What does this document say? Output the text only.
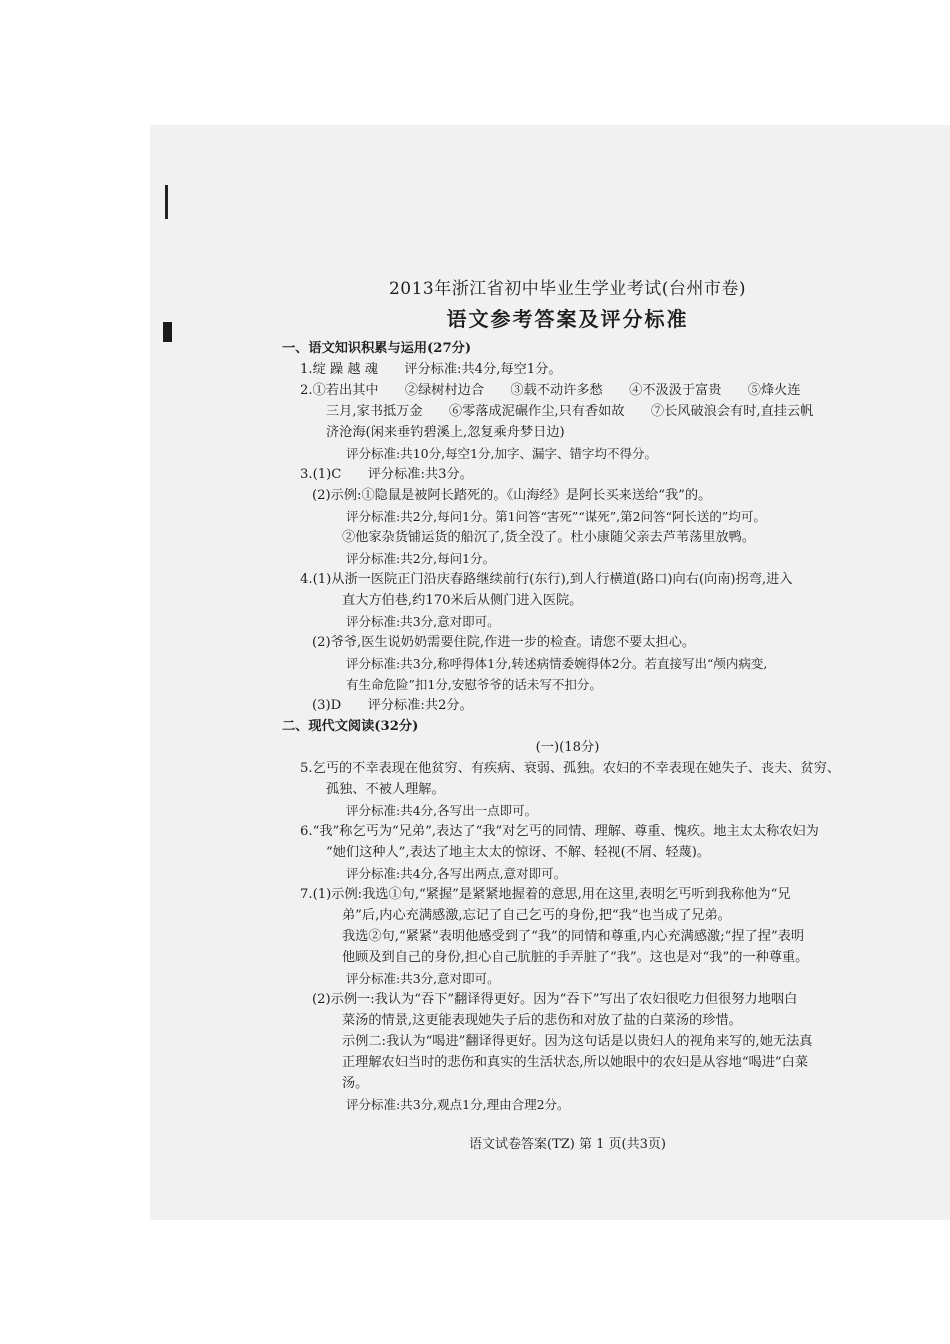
2013年浙江省初中毕业生学业考试(台州市卷)
语文参考答案及评分标准
一、语文知识积累与运用(27分)
1.绽 躁 越 魂　　评分标准:共4分,每空1分。
2.①若出其中　　②绿树村边合　　③载不动许多愁　　④不汲汲于富贵　　⑤烽火连
三月,家书抵万金　　⑥零落成泥碾作尘,只有香如故　　⑦长风破浪会有时,直挂云帆
济沧海(闲来垂钓碧溪上,忽复乘舟梦日边)
评分标准:共10分,每空1分,加字、漏字、错字均不得分。
3.(1)C　　评分标准:共3分。
(2)示例:①隐鼠是被阿长踏死的。《山海经》是阿长买来送给“我”的。
评分标准:共2分,每问1分。第1问答“害死”“谋死”,第2问答“阿长送的”均可。
②他家杂货铺运货的船沉了,货全没了。杜小康随父亲去芦苇荡里放鸭。
评分标准:共2分,每问1分。
4.(1)从浙一医院正门沿庆春路继续前行(东行),到人行横道(路口)向右(向南)拐弯,进入
直大方伯巷,约170米后从侧门进入医院。
评分标准:共3分,意对即可。
(2)爷爷,医生说奶奶需要住院,作进一步的检查。请您不要太担心。
评分标准:共3分,称呼得体1分,转述病情委婉得体2分。若直接写出“颅内病变,
有生命危险”扣1分,安慰爷爷的话未写不扣分。
(3)D　　评分标准:共2分。
二、现代文阅读(32分)
(一)(18分)
5.乞丐的不幸表现在他贫穷、有疾病、衰弱、孤独。农妇的不幸表现在她失子、丧夫、贫穷、
孤独、不被人理解。
评分标准:共4分,各写出一点即可。
6.“我”称乞丐为“兄弟”,表达了“我”对乞丐的同情、理解、尊重、愧疚。地主太太称农妇为
“她们这种人”,表达了地主太太的惊讶、不解、轻视(不屑、轻蔑)。
评分标准:共4分,各写出两点,意对即可。
7.(1)示例:我选①句,“紧握”是紧紧地握着的意思,用在这里,表明乞丐听到我称他为“兄
弟”后,内心充满感激,忘记了自己乞丐的身份,把“我”也当成了兄弟。
我选②句,“紧紧”表明他感受到了“我”的同情和尊重,内心充满感激;“捏了捏”表明
他顾及到自己的身份,担心自己肮脏的手弄脏了“我”。这也是对“我”的一种尊重。
评分标准:共3分,意对即可。
(2)示例一:我认为“吞下”翻译得更好。因为“吞下”写出了农妇很吃力但很努力地咽白
菜汤的情景,这更能表现她失子后的悲伤和对放了盐的白菜汤的珍惜。
示例二:我认为“喝进”翻译得更好。因为这句话是以贵妇人的视角来写的,她无法真
正理解农妇当时的悲伤和真实的生活状态,所以她眼中的农妇是从容地“喝进”白菜
汤。
评分标准:共3分,观点1分,理由合理2分。
语文试卷答案(TZ) 第 1 页(共3页)
